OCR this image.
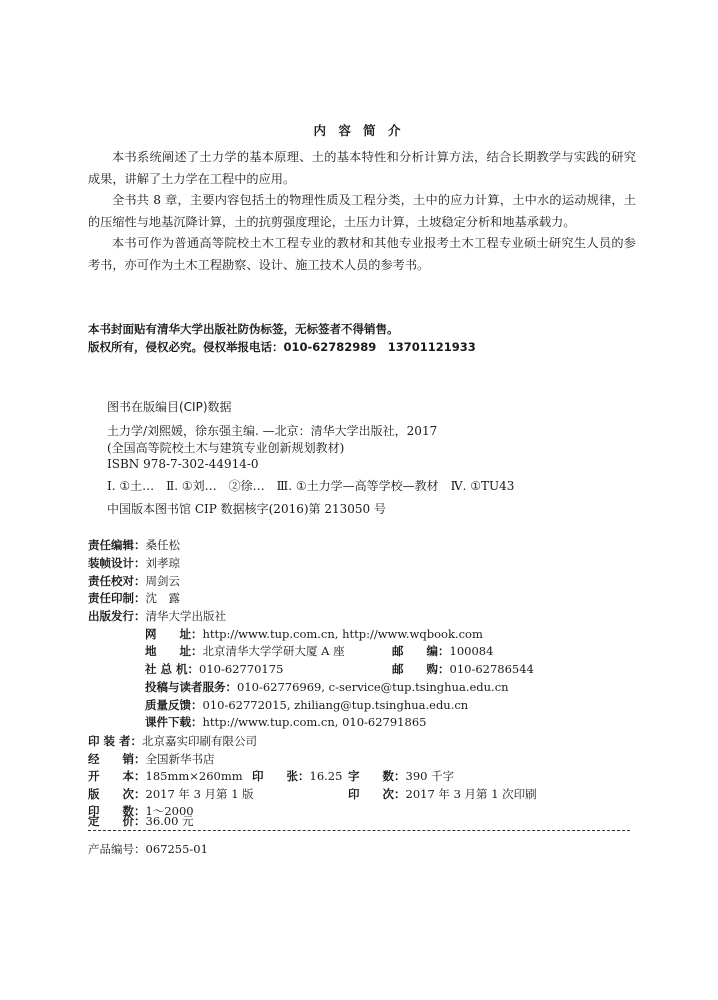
内 容 简 介
本书系统阐述了土力学的基本原理、土的基本特性和分析计算方法，结合长期教学与实践的研究成果，讲解了土力学在工程中的应用。
全书共 8 章，主要内容包括土的物理性质及工程分类，土中的应力计算，土中水的运动规律，土的压缩性与地基沉降计算，土的抗剪强度理论，土压力计算，土坡稳定分析和地基承载力。
本书可作为普通高等院校土木工程专业的教材和其他专业报考土木工程专业硕士研究生人员的参考书，亦可作为土木工程勘察、设计、施工技术人员的参考书。
本书封面贴有清华大学出版社防伪标签，无标签者不得销售。
版权所有，侵权必究。侵权举报电话：010-62782989　13701121933
图书在版编目(CIP)数据
土力学/刘熙媛，徐东强主编. —北京：清华大学出版社，2017
(全国高等院校土木与建筑专业创新规划教材)
ISBN 978-7-302-44914-0
Ⅰ. ①土…　Ⅱ. ①刘…　②徐…　Ⅲ. ①土力学—高等学校—教材　Ⅳ. ①TU43
中国版本图书馆 CIP 数据核字(2016)第 213050 号
责任编辑：桑任松
装帧设计：刘孝琼
责任校对：周剑云
责任印制：沈　露
出版发行：清华大学出版社
网　　址：http://www.tup.com.cn, http://www.wqbook.com
地　　址：北京清华大学学研大厦 A 座	邮　　编：100084
社 总 机：010-62770175	邮　　购：010-62786544
投稿与读者服务：010-62776969, c-service@tup.tsinghua.edu.cn
质量反馈：010-62772015, zhiliang@tup.tsinghua.edu.cn
课件下载：http://www.tup.com.cn, 010-62791865
印 装 者：北京嘉实印刷有限公司
经　　销：全国新华书店
开　　本：185mm×260mm 印　　张：16.25 字　　数：390 千字
版　　次：2017 年 3 月第 1 版	印　　次：2017 年 3 月第 1 次印刷
印　　数：1～2000
定　　价：36.00 元
产品编号：067255-01
